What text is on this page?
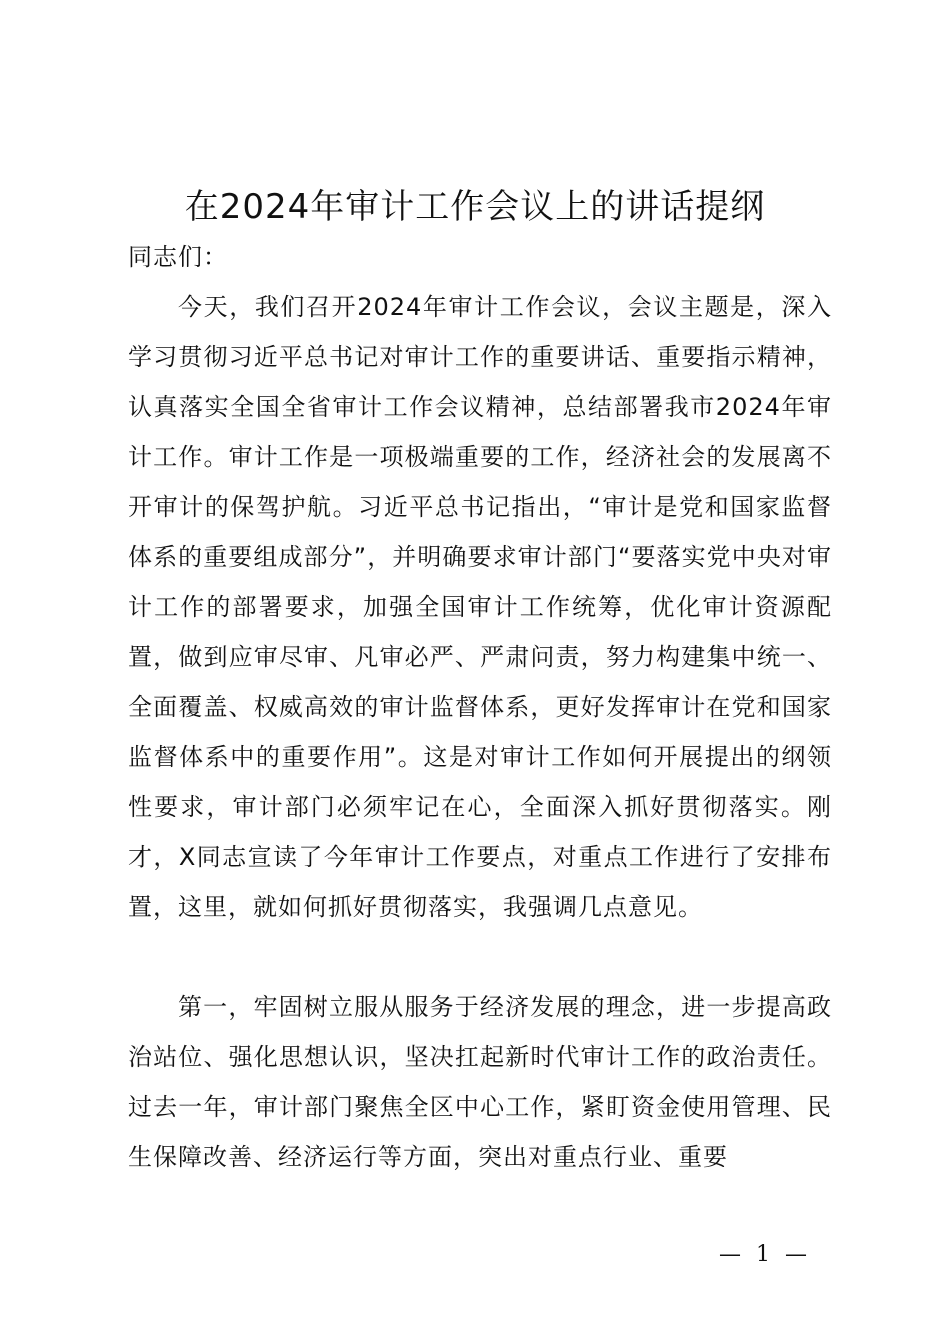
在2024年审计工作会议上的讲话提纲

同志们：

今天，我们召开2024年审计工作会议，会议主题是，深入学习贯彻习近平总书记对审计工作的重要讲话、重要指示精神，认真落实全国全省审计工作会议精神，总结部署我市2024年审计工作。审计工作是一项极端重要的工作，经济社会的发展离不开审计的保驾护航。习近平总书记指出，“审计是党和国家监督体系的重要组成部分”，并明确要求审计部门“要落实党中央对审计工作的部署要求，加强全国审计工作统筹，优化审计资源配置，做到应审尽审、凡审必严、严肃问责，努力构建集中统一、全面覆盖、权威高效的审计监督体系，更好发挥审计在党和国家监督体系中的重要作用”。这是对审计工作如何开展提出的纲领性要求，审计部门必须牢记在心，全面深入抓好贯彻落实。刚才，X同志宣读了今年审计工作要点，对重点工作进行了安排布置，这里，就如何抓好贯彻落实，我强调几点意见。

第一，牢固树立服从服务于经济发展的理念，进一步提高政治站位、强化思想认识，坚决扛起新时代审计工作的政治责任。过去一年，审计部门聚焦全区中心工作，紧盯资金使用管理、民生保障改善、经济运行等方面，突出对重点行业、重要

— 1 —
